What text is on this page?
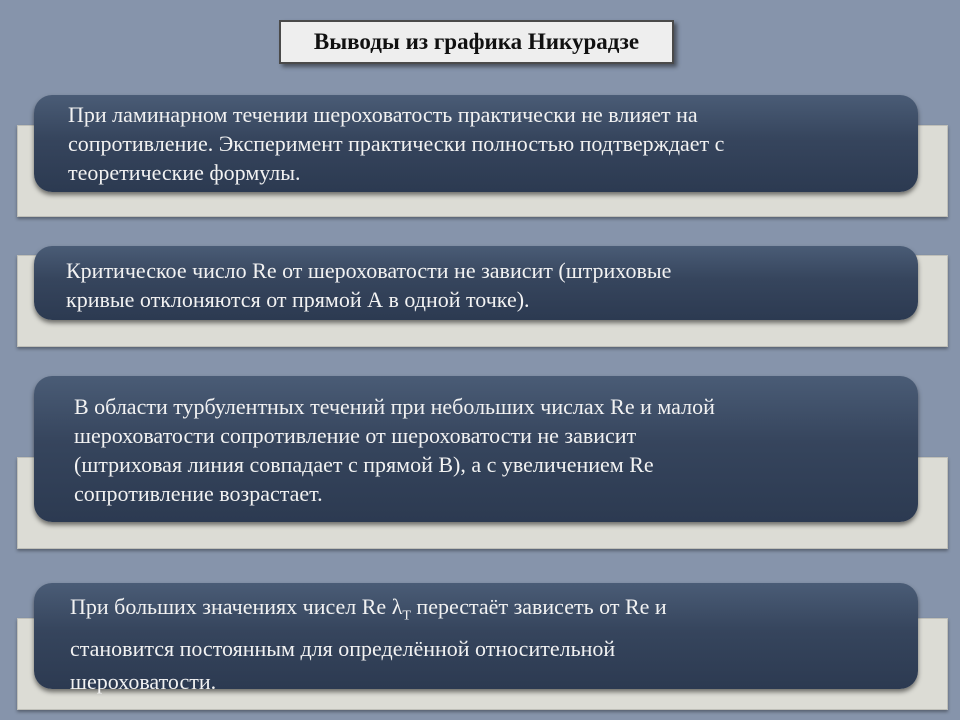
Выводы из графика Никурадзе
При ламинарном течении шероховатость практически не влияет на
сопротивление. Эксперимент практически полностью подтверждает с
теоретические формулы.
Критическое число Re от шероховатости не зависит (штриховые
кривые отклоняются от прямой А в одной точке).
В области турбулентных течений при небольших числах Re и малой
шероховатости сопротивление от шероховатости не зависит
(штриховая линия совпадает с прямой В), а с увеличением Re
сопротивление возрастает.
При больших значениях чисел Re $\lambda_Т$ перестаёт зависеть от Re и
становится постоянным для определённой относительной
шероховатости.
